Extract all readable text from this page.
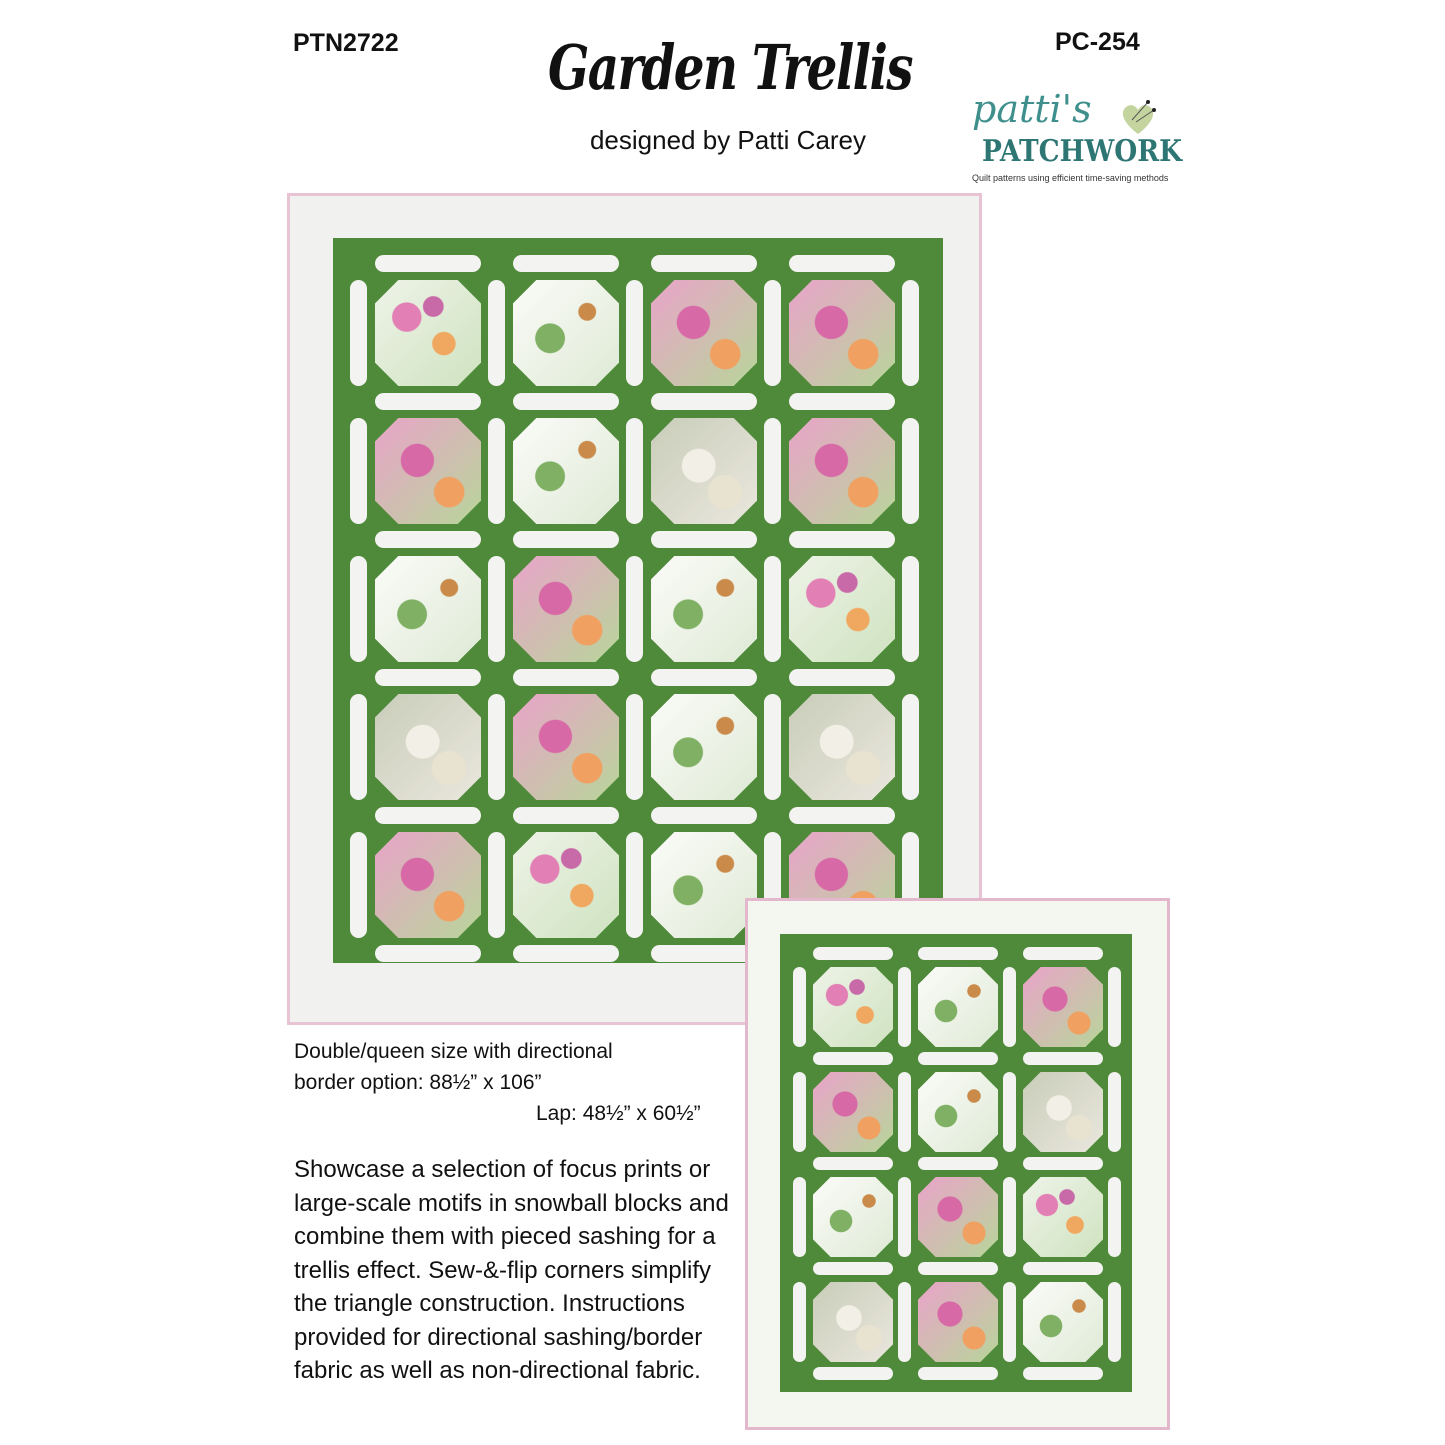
PTN2722	Garden Trellis	PC-254
designed by Patti Carey
patti's
PATCHWORK
Quilt patterns using efficient time-saving methods
Double/queen size with directional
border option: 88½” x 106”
Lap: 48½” x 60½”
Showcase a selection of focus prints or large-scale motifs in snowball blocks and combine them with pieced sashing for a trellis effect. Sew-&-flip corners simplify the triangle construction. Instructions provided for directional sashing/border fabric as well as non-directional fabric.
